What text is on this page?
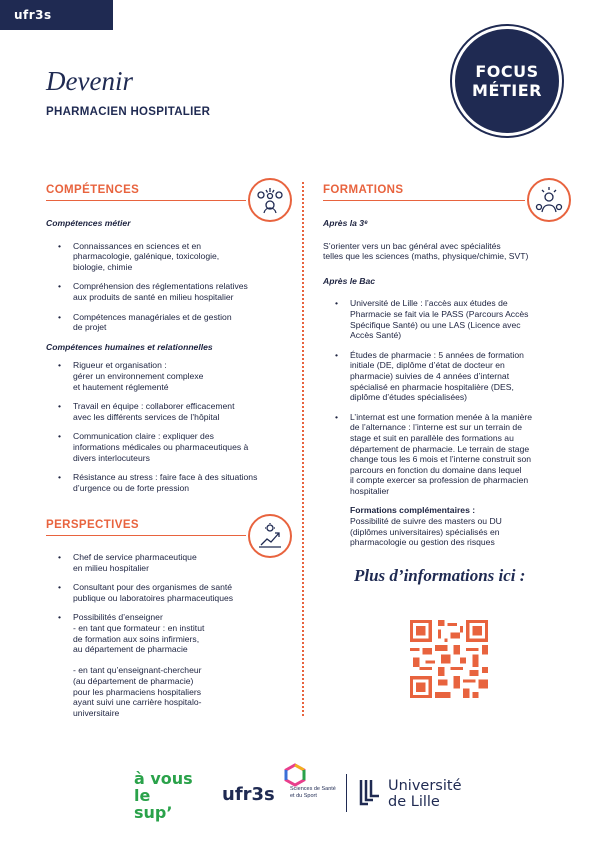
ufr3s
Devenir
PHARMACIEN HOSPITALIER
FOCUS
MÉTIER
COMPÉTENCES
Compétences métier
• Connaissances en sciences et en
pharmacologie, galénique, toxicologie,
biologie, chimie
• Compréhension des réglementations relatives
aux produits de santé en milieu hospitalier
• Compétences managériales et de gestion
de projet
Compétences humaines et relationnelles
• Rigueur et organisation :
gérer un environnement complexe
et hautement réglementé
• Travail en équipe : collaborer efficacement
avec les différents services de l’hôpital
• Communication claire : expliquer des
informations médicales ou pharmaceutiques à
divers interlocuteurs
• Résistance au stress : faire face à des situations
d’urgence ou de forte pression
PERSPECTIVES
• Chef de service pharmaceutique
en milieu hospitalier
• Consultant pour des organismes de santé
publique ou laboratoires pharmaceutiques
• Possibilités d’enseigner
- en tant que formateur : en institut
de formation aux soins infirmiers,
au département de pharmacie

- en tant qu’enseignant-chercheur
(au département de pharmacie)
pour les pharmaciens hospitaliers
ayant suivi une carrière hospitalo-
universitaire
FORMATIONS
Après la 3ᵉ
S’orienter vers un bac général avec spécialités
telles que les sciences (maths, physique/chimie, SVT)
Après le Bac
• Université de Lille : l’accès aux études de
Pharmacie se fait via le PASS (Parcours Accès
Spécifique Santé) ou une LAS (Licence avec
Accès Santé)
• Études de pharmacie : 5 années de formation
initiale (DE, diplôme d’état de docteur en
pharmacie) suivies de 4 années d’internat
spécialisé en pharmacie hospitalière (DES,
diplôme d’études spécialisées)
• L’internat est une formation menée à la manière
de l’alternance : l’interne est sur un terrain de
stage et suit en parallèle des formations au
département de pharmacie. Le terrain de stage
change tous les 6 mois et l’interne construit son
parcours en fonction du domaine dans lequel
il compte exercer sa profession de pharmacien
hospitalier
Formations complémentaires :
Possibilité de suivre des masters ou DU
(diplômes universitaires) spécialisés en
pharmacologie ou gestion des risques
Plus d’informations ici :
à vous
le sup’
ufr3s	Sciences de Santé
et du Sport
Université
de Lille
